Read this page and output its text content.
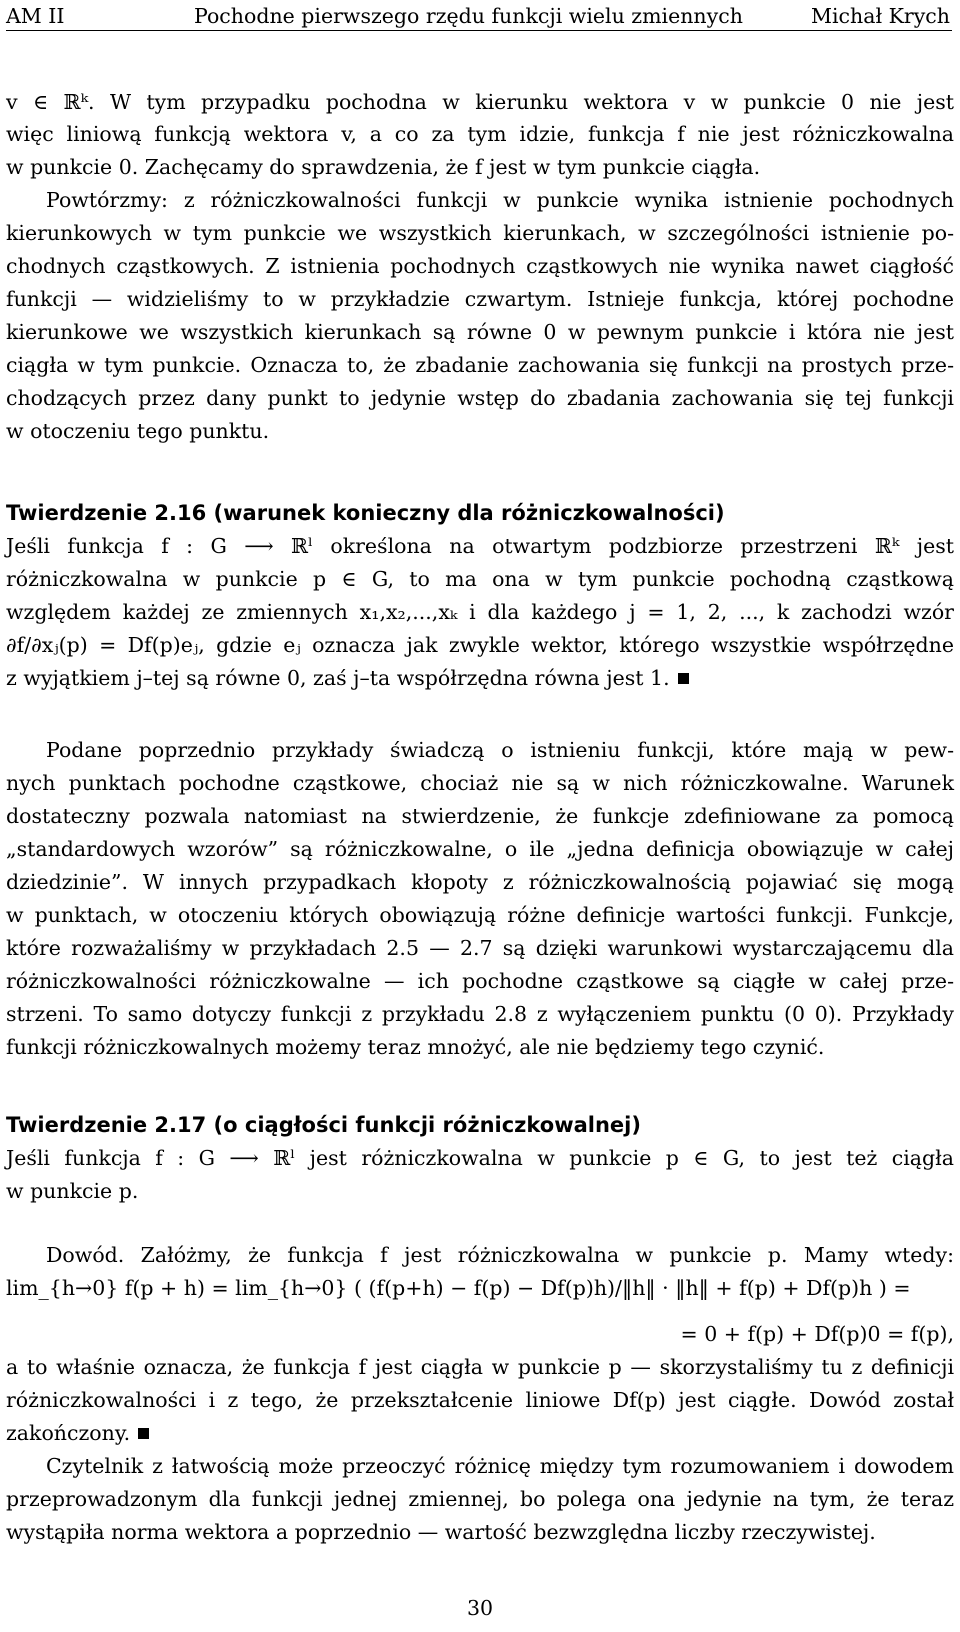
AM II	Pochodne pierwszego rzędu funkcji wielu zmiennych	Michał Krych
v ∈ ℝᵏ. W tym przypadku pochodna w kierunku wektora v w punkcie 0 nie jest
więc liniową funkcją wektora v, a co za tym idzie, funkcja f nie jest różniczkowalna
w punkcie 0. Zachęcamy do sprawdzenia, że f jest w tym punkcie ciągła.
Powtórzmy: z różniczkowalności funkcji w punkcie wynika istnienie pochodnych
kierunkowych w tym punkcie we wszystkich kierunkach, w szczególności istnienie po-
chodnych cząstkowych. Z istnienia pochodnych cząstkowych nie wynika nawet ciągłość
funkcji — widzieliśmy to w przykładzie czwartym. Istnieje funkcja, której pochodne
kierunkowe we wszystkich kierunkach są równe 0 w pewnym punkcie i która nie jest
ciągła w tym punkcie. Oznacza to, że zbadanie zachowania się funkcji na prostych prze-
chodzących przez dany punkt to jedynie wstęp do zbadania zachowania się tej funkcji
w otoczeniu tego punktu.
Twierdzenie 2.16 (warunek konieczny dla różniczkowalności)
Jeśli funkcja f : G ⟶ ℝˡ określona na otwartym podzbiorze przestrzeni ℝᵏ jest
różniczkowalna w punkcie p ∈ G, to ma ona w tym punkcie pochodną cząstkową
względem każdej ze zmiennych x₁,x₂,...,xₖ i dla każdego j = 1, 2, ..., k zachodzi wzór
∂f/∂xⱼ(p) = Df(p)eⱼ, gdzie eⱼ oznacza jak zwykle wektor, którego wszystkie współrzędne
z wyjątkiem j–tej są równe 0, zaś j–ta współrzędna równa jest 1.
Podane poprzednio przykłady świadczą o istnieniu funkcji, które mają w pew-
nych punktach pochodne cząstkowe, chociaż nie są w nich różniczkowalne. Warunek
dostateczny pozwala natomiast na stwierdzenie, że funkcje zdefiniowane za pomocą
„standardowych wzorów” są różniczkowalne, o ile „jedna definicja obowiązuje w całej
dziedzinie”. W innych przypadkach kłopoty z różniczkowalnością pojawiać się mogą
w punktach, w otoczeniu których obowiązują różne definicje wartości funkcji. Funkcje,
które rozważaliśmy w przykładach 2.5 — 2.7 są dzięki warunkowi wystarczającemu dla
różniczkowalności różniczkowalne — ich pochodne cząstkowe są ciągłe w całej prze-
strzeni. To samo dotyczy funkcji z przykładu 2.8 z wyłączeniem punktu (0 0). Przykłady
funkcji różniczkowalnych możemy teraz mnożyć, ale nie będziemy tego czynić.
Twierdzenie 2.17 (o ciągłości funkcji różniczkowalnej)
Jeśli funkcja f : G ⟶ ℝˡ jest różniczkowalna w punkcie p ∈ G, to jest też ciągła
w punkcie p.
Dowód. Załóżmy, że funkcja f jest różniczkowalna w punkcie p. Mamy wtedy:
lim_{h→0} f(p + h) = lim_{h→0} ( (f(p+h) − f(p) − Df(p)h)/‖h‖ · ‖h‖ + f(p) + Df(p)h ) =
= 0 + f(p) + Df(p)0 = f(p),
a to właśnie oznacza, że funkcja f jest ciągła w punkcie p — skorzystaliśmy tu z definicji
różniczkowalności i z tego, że przekształcenie liniowe Df(p) jest ciągłe. Dowód został
zakończony.
Czytelnik z łatwością może przeoczyć różnicę między tym rozumowaniem i dowodem
przeprowadzonym dla funkcji jednej zmiennej, bo polega ona jedynie na tym, że teraz
wystąpiła norma wektora a poprzednio — wartość bezwzględna liczby rzeczywistej.
30
